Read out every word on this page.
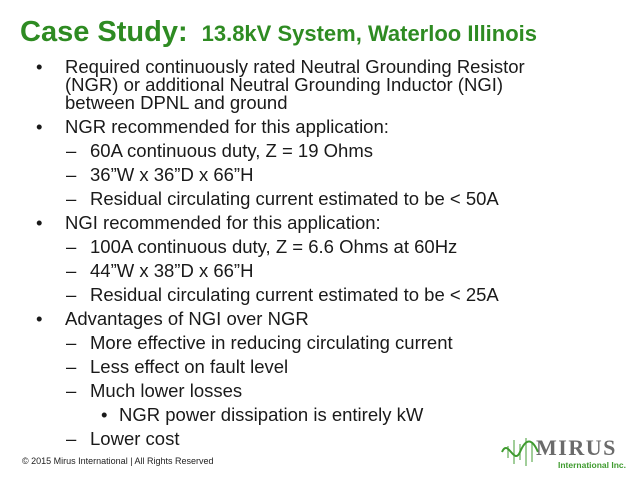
Case Study: 13.8kV System, Waterloo Illinois
• Required continuously rated Neutral Grounding Resistor
(NGR) or additional Neutral Grounding Inductor (NGI)
between DPNL and ground
• NGR recommended for this application:
– 60A continuous duty, Z = 19 Ohms
– 36”W x 36”D x 66”H
– Residual circulating current estimated to be < 50A
• NGI recommended for this application:
– 100A continuous duty, Z = 6.6 Ohms at 60Hz
– 44”W x 38”D x 66”H
– Residual circulating current estimated to be < 25A
• Advantages of NGI over NGR
– More effective in reducing circulating current
– Less effect on fault level
– Much lower losses
• NGR power dissipation is entirely kW
– Lower cost
© 2015 Mirus International | All Rights Reserved
MIRUS
International Inc.
